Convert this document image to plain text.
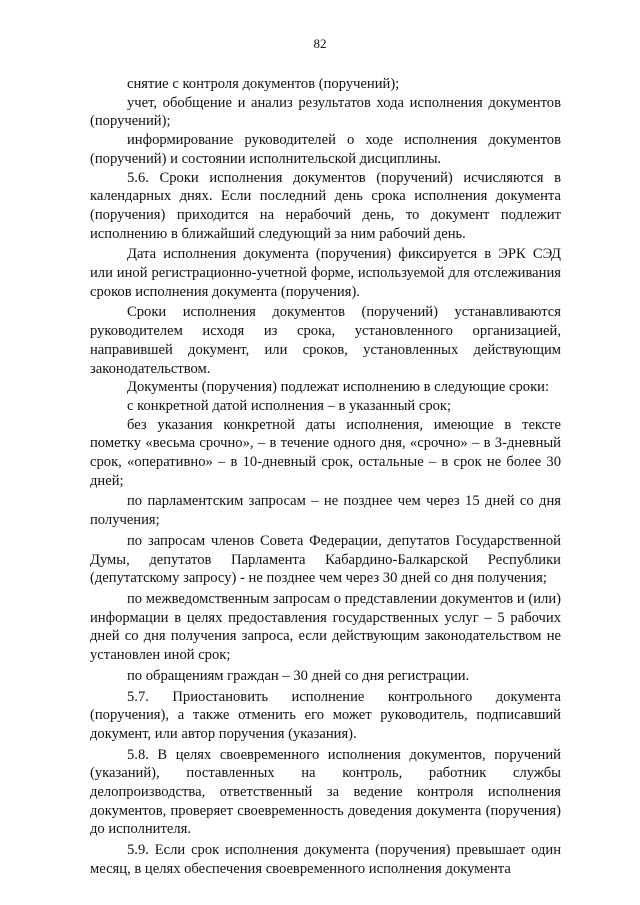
82

снятие с контроля документов (поручений);

учет, обобщение и анализ результатов хода исполнения документов (поручений);

информирование руководителей о ходе исполнения документов (поручений) и состоянии исполнительской дисциплины.

5.6. Сроки исполнения документов (поручений) исчисляются в календарных днях. Если последний день срока исполнения документа (поручения) приходится на нерабочий день, то документ подлежит исполнению в ближайший следующий за ним рабочий день.

Дата исполнения документа (поручения) фиксируется в ЭРК СЭД или иной регистрационно-учетной форме, используемой для отслеживания сроков исполнения документа (поручения).

Сроки исполнения документов (поручений) устанавливаются руководителем исходя из срока, установленного организацией, направившей документ, или сроков, установленных действующим законодательством.

Документы (поручения) подлежат исполнению в следующие сроки:

с конкретной датой исполнения – в указанный срок;

без указания конкретной даты исполнения, имеющие в тексте пометку «весьма срочно», – в течение одного дня, «срочно» – в 3-дневный срок, «оперативно» – в 10-дневный срок, остальные – в срок не более 30 дней;

по парламентским запросам – не позднее чем через 15 дней со дня получения;

по запросам членов Совета Федерации, депутатов Государственной Думы, депутатов Парламента Кабардино-Балкарской Республики (депутатскому запросу) - не позднее чем через 30 дней со дня получения;

по межведомственным запросам о представлении документов и (или) информации в целях предоставления государственных услуг – 5 рабочих дней со дня получения запроса, если действующим законодательством не установлен иной срок;

по обращениям граждан – 30 дней со дня регистрации.

5.7. Приостановить исполнение контрольного документа (поручения), а также отменить его может руководитель, подписавший документ, или автор поручения (указания).

5.8. В целях своевременного исполнения документов, поручений (указаний), поставленных на контроль, работник службы делопроизводства, ответственный за ведение контроля исполнения документов, проверяет своевременность доведения документа (поручения) до исполнителя.

5.9. Если срок исполнения документа (поручения) превышает один месяц, в целях обеспечения своевременного исполнения документа
